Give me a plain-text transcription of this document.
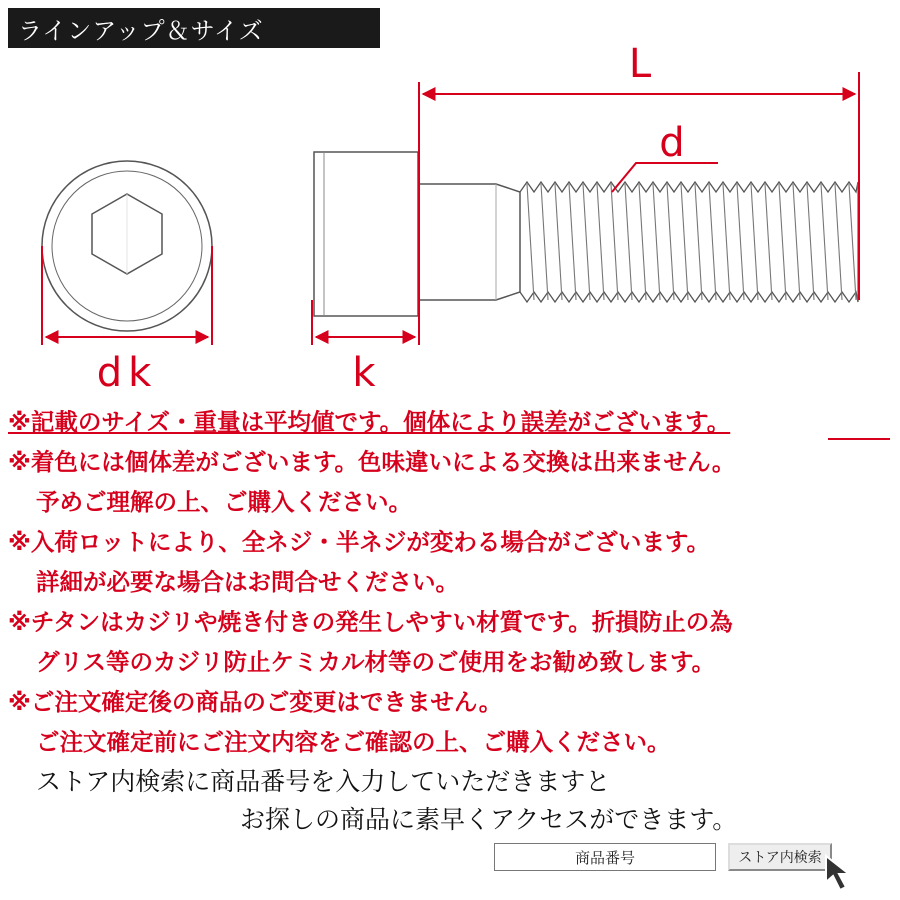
ラインアップ＆サイズ
L
d
dk	k
※記載のサイズ・重量は平均値です。個体により誤差がございます。
※着色には個体差がございます。色味違いによる交換は出来ません。
予めご理解の上、ご購入ください。
※入荷ロットにより、全ネジ・半ネジが変わる場合がございます。
詳細が必要な場合はお問合せください。
※チタンはカジリや焼き付きの発生しやすい材質です。折損防止の為
グリス等のカジリ防止ケミカル材等のご使用をお勧め致します。
※ご注文確定後の商品のご変更はできません。
ご注文確定前にご注文内容をご確認の上、ご購入ください。
ストア内検索に商品番号を入力していただきますと
お探しの商品に素早くアクセスができます。
商品番号	ストア内検索
